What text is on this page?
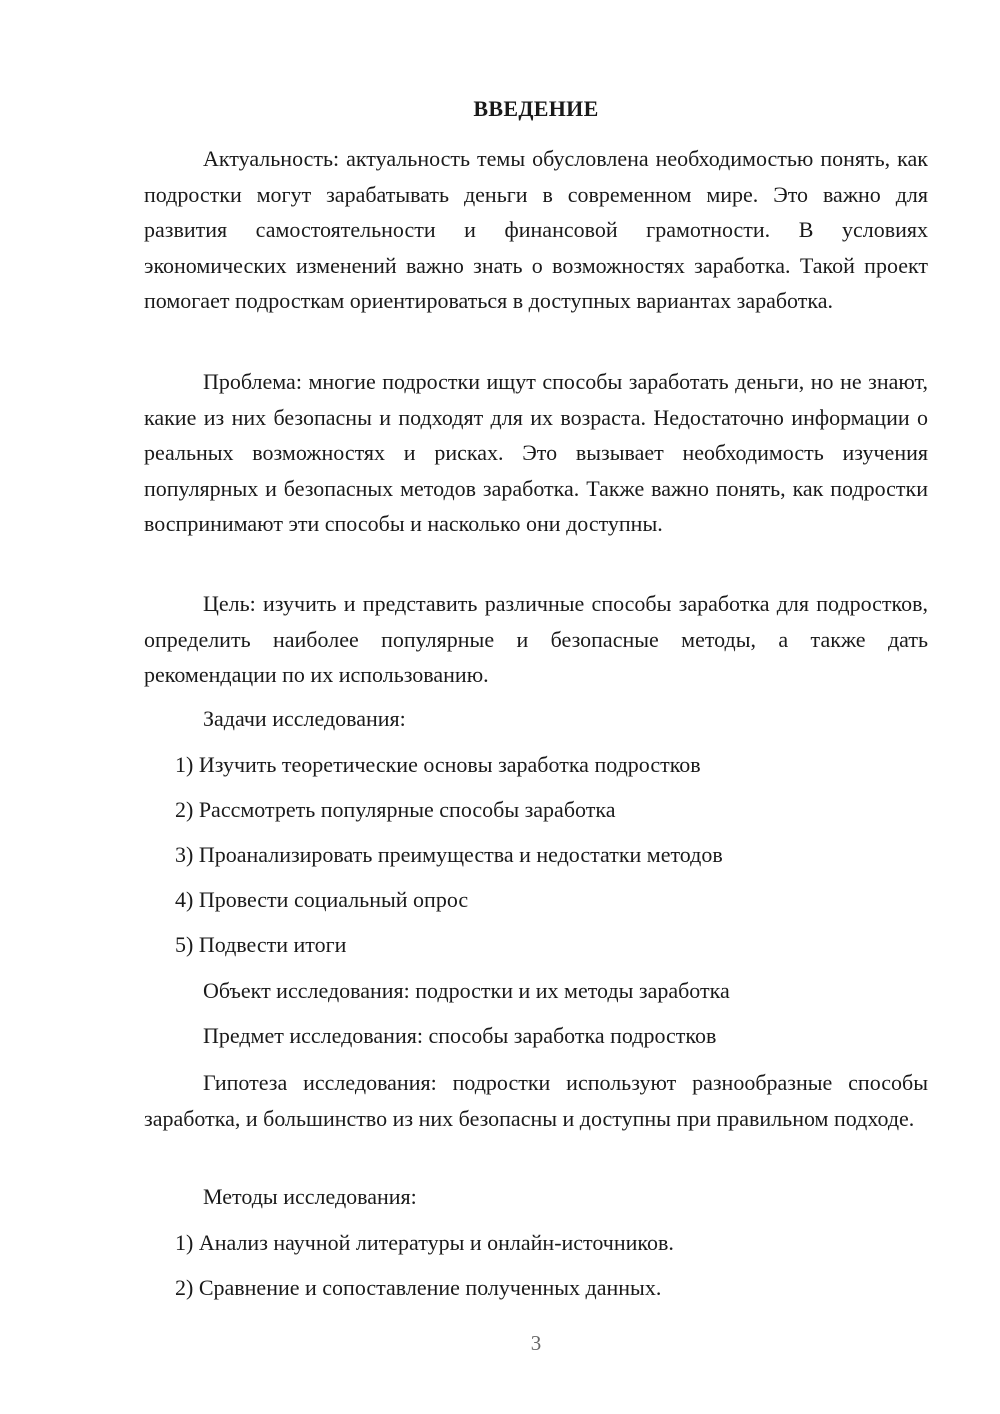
ВВЕДЕНИЕ

Актуальность: актуальность темы обусловлена необходимостью понять, как подростки могут зарабатывать деньги в современном мире. Это важно для развития самостоятельности и финансовой грамотности. В условиях экономических изменений важно знать о возможностях заработка. Такой проект помогает подросткам ориентироваться в доступных вариантах заработка.

Проблема: многие подростки ищут способы заработать деньги, но не знают, какие из них безопасны и подходят для их возраста. Недостаточно информации о реальных возможностях и рисках. Это вызывает необходимость изучения популярных и безопасных методов заработка. Также важно понять, как подростки воспринимают эти способы и насколько они доступны.

Цель: изучить и представить различные способы заработка для подростков, определить наиболее популярные и безопасные методы, а также дать рекомендации по их использованию.

Задачи исследования:

1) Изучить теоретические основы заработка подростков

2) Рассмотреть популярные способы заработка

3) Проанализировать преимущества и недостатки методов

4) Провести социальный опрос

5) Подвести итоги

Объект исследования: подростки и их методы заработка

Предмет исследования: способы заработка подростков

Гипотеза исследования: подростки используют разнообразные способы заработка, и большинство из них безопасны и доступны при правильном подходе.

Методы исследования:

1) Анализ научной литературы и онлайн-источников.

2) Сравнение и сопоставление полученных данных.

3
